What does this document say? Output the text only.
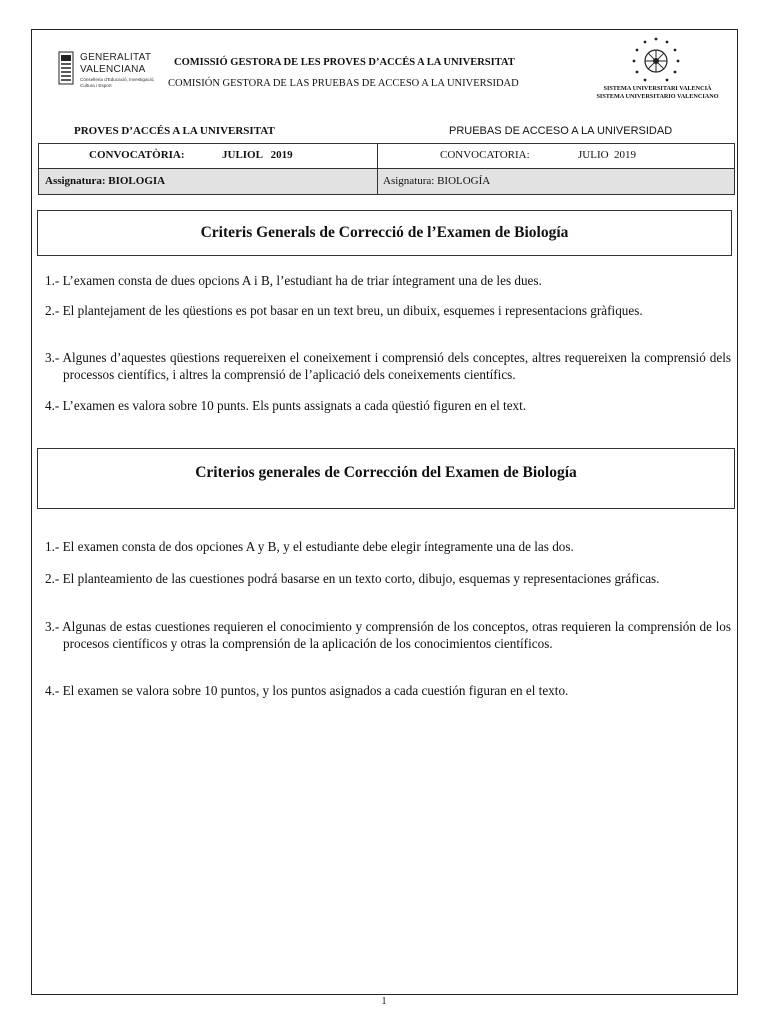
GENERALITAT
VALENCIANA
Conselleria d'Educació, Investigació, Cultura i Esport
COMISSIÓ GESTORA DE LES PROVES D’ACCÉS A LA UNIVERSITAT
COMISIÓN GESTORA DE LAS PRUEBAS DE ACCESO A LA UNIVERSIDAD	SISTEMA UNIVERSITARI VALENCIÀ
SISTEMA UNIVERSITARIO VALENCIANO
PROVES D’ACCÉS A LA UNIVERSITAT	PRUEBAS DE ACCESO A LA UNIVERSIDAD
CONVOCATÒRIA:	JULIOL   2019	CONVOCATORIA:	JULIO  2019
Assignatura: BIOLOGIA	Asignatura: BIOLOGÍA
Criteris Generals de Correcció de l’Examen de Biología
1.- L’examen consta de dues opcions A i B, l’estudiant ha de triar íntegrament una de les dues.
2.- El plantejament de les qüestions es pot basar en un text breu, un dibuix, esquemes i representacions gràfiques.
3.- Algunes d’aquestes qüestions requereixen el coneixement i comprensió dels conceptes, altres requereixen la comprensió dels processos científics, i altres la comprensió de l’aplicació dels coneixements científics.
4.- L’examen es valora sobre 10 punts. Els punts assignats a cada qüestió figuren en el text.
Criterios generales de Corrección del Examen de Biología
1.- El examen consta de dos opciones A y B, y el estudiante debe elegir íntegramente una de las dos.
2.- El planteamiento de las cuestiones podrá basarse en un texto corto, dibujo, esquemas y representaciones gráficas.
3.- Algunas de estas cuestiones requieren el conocimiento y comprensión de los conceptos, otras requieren la comprensión de los procesos científicos y otras la comprensión de la aplicación de los conocimientos científicos.
4.- El examen se valora sobre 10 puntos, y los puntos asignados a cada cuestión figuran en el texto.
1
